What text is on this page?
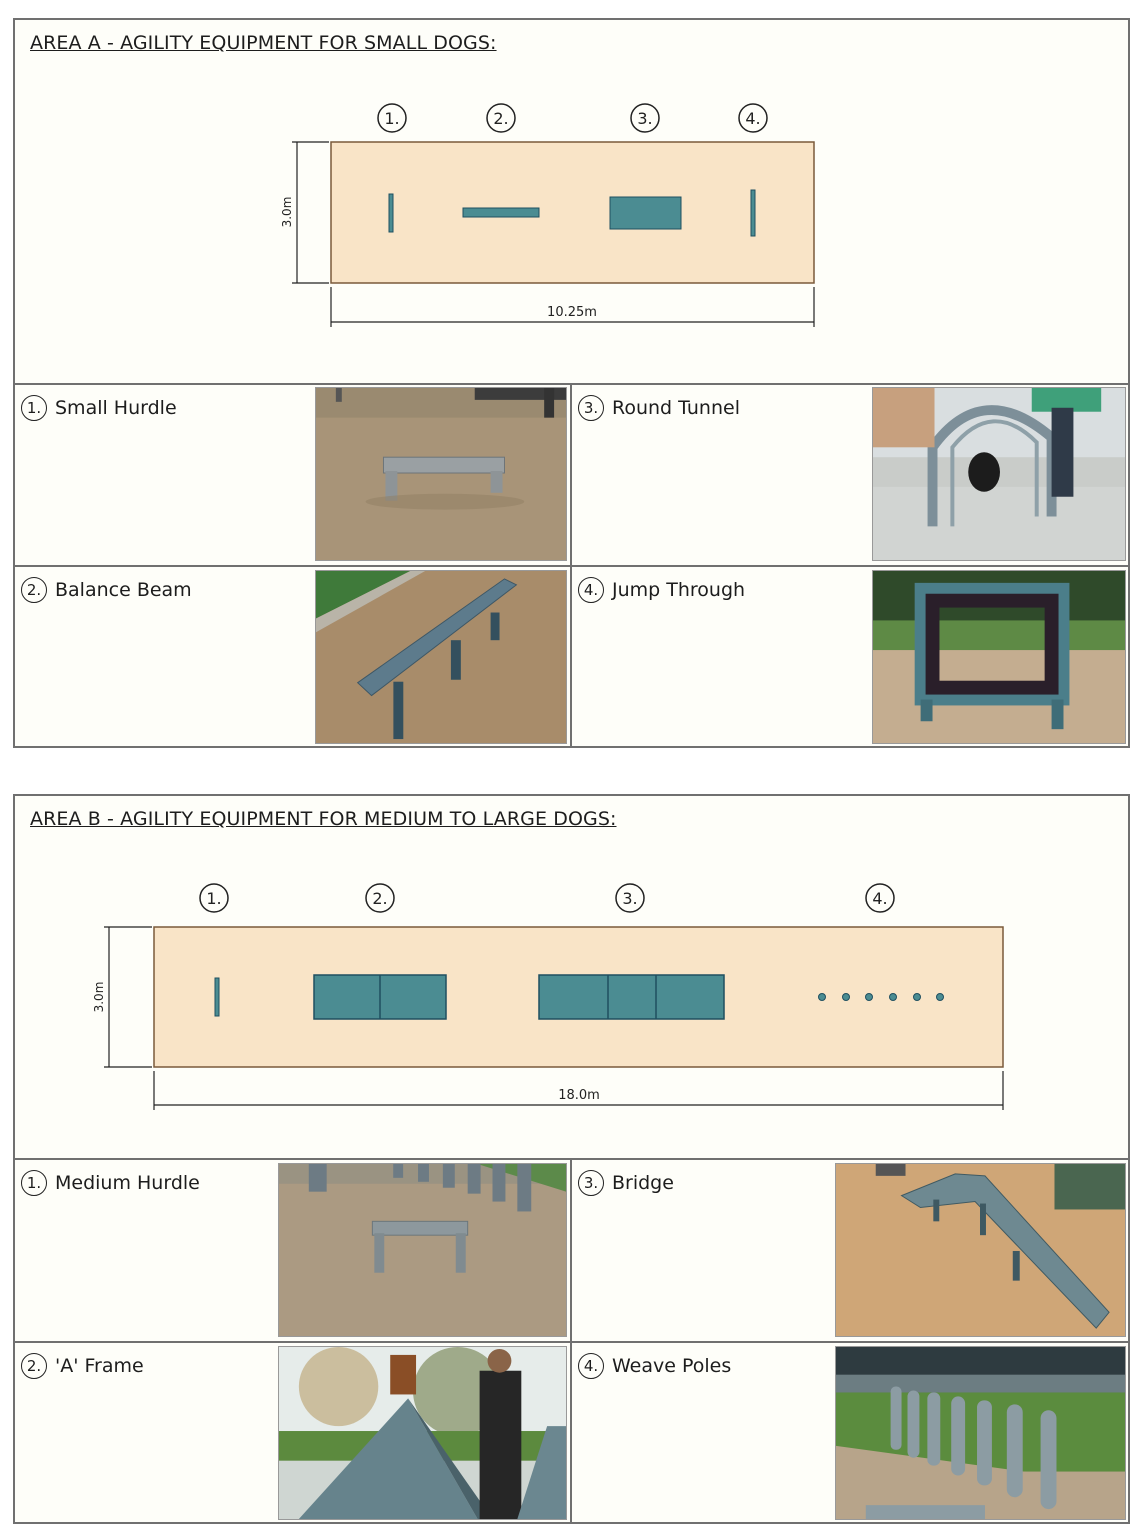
AREA A - AGILITY EQUIPMENT FOR SMALL DOGS:
1.	2.	3.	4.
3.0m
10.25m
1. Small Hurdle
2. Balance Beam
3. Round Tunnel
4. Jump Through
AREA B - AGILITY EQUIPMENT FOR MEDIUM TO LARGE DOGS:
1.	2.	3.	4.
3.0m
18.0m
1. Medium Hurdle
2. 'A' Frame
3. Bridge
4. Weave Poles
